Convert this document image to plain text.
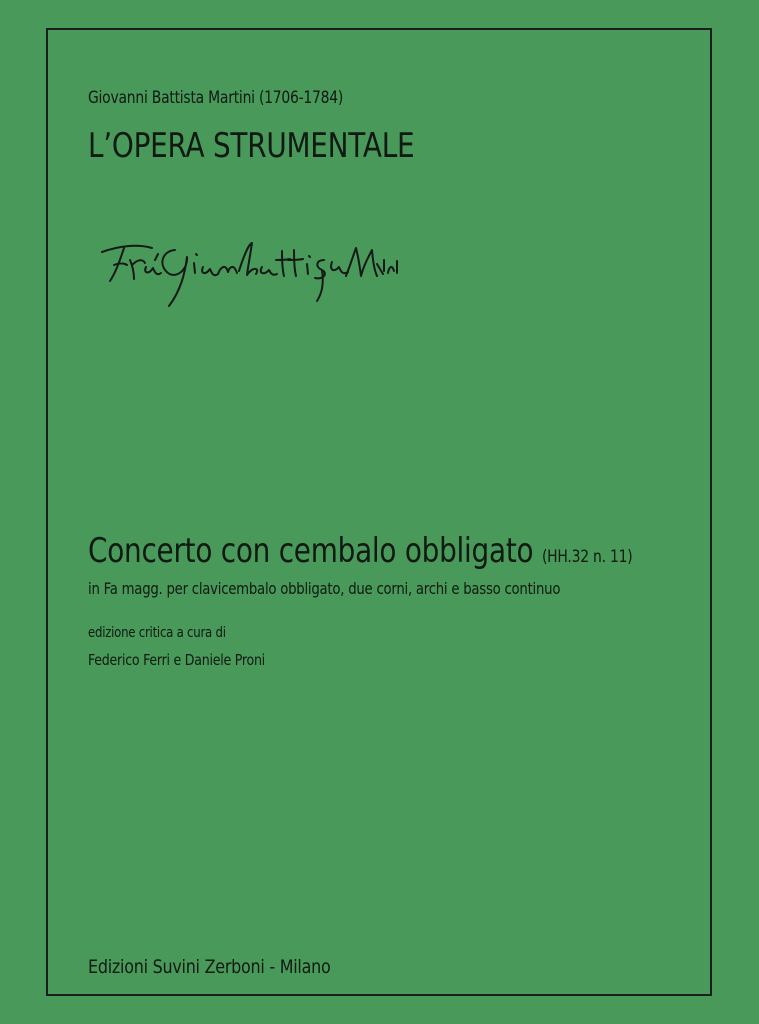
Giovanni Battista Martini (1706-1784)
L’OPERA STRUMENTALE
Concerto con cembalo obbligato (HH.32 n. 11)
in Fa magg. per clavicembalo obbligato, due corni, archi e basso continuo
edizione critica a cura di
Federico Ferri e Daniele Proni
Edizioni Suvini Zerboni - Milano
